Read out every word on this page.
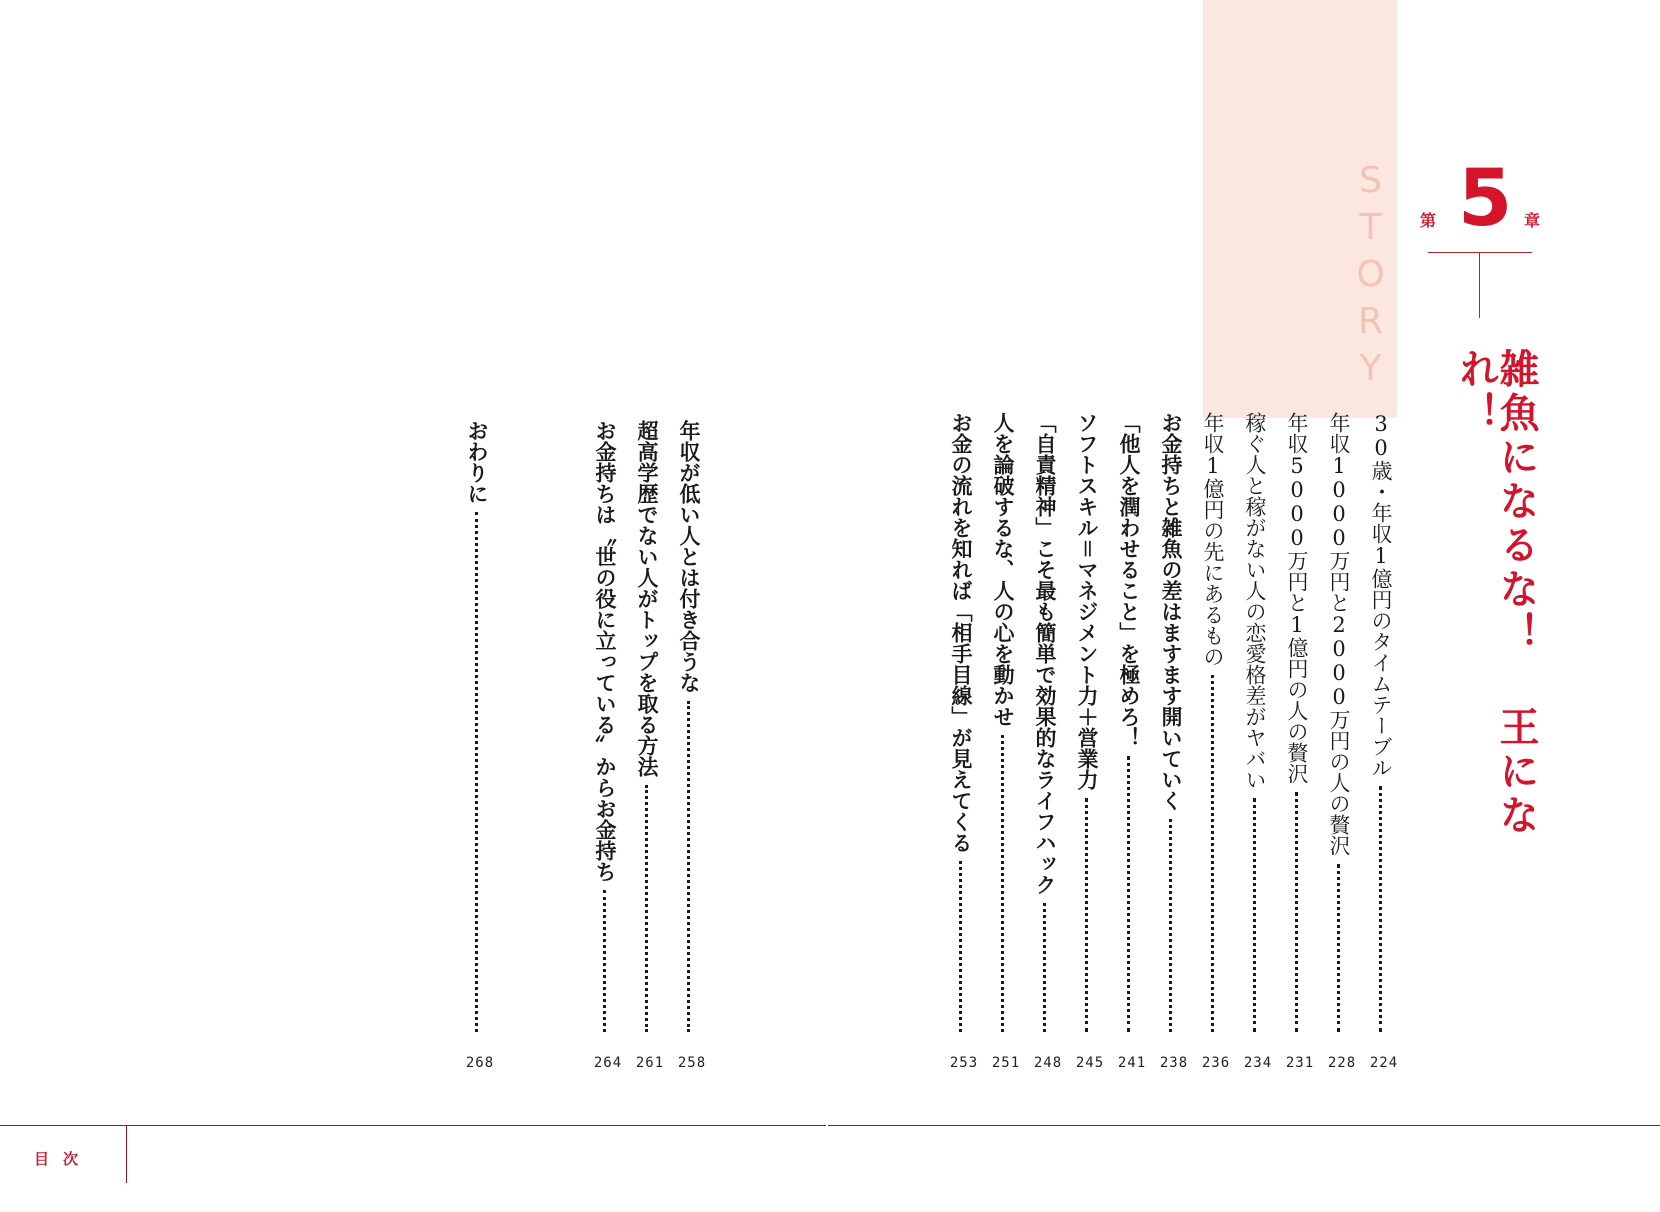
STORY 第 5 章
雑魚になるな！ 王になれ！
30歳・年収1億円のタイムテーブル
224
年収1000万円と2000万円の人の贅沢
228
年収5000万円と1億円の人の贅沢
231
稼ぐ人と稼がない人の恋愛格差がヤバい
234
年収1億円の先にあるもの
236
お金持ちと雑魚の差はますます開いていく
238
「他人を潤わせること」を極めろ！
241
ソフトスキル＝マネジメント力＋営業力
245
「自責精神」こそ最も簡単で効果的なライフハック
248
人を論破するな、人の心を動かせ
251
お金の流れを知れば「相手目線」が見えてくる
253
年収が低い人とは付き合うな
258
超高学歴でない人がトップを取る方法
261
お金持ちは〝世の役に立っている〟からお金持ち
264
おわりに
268
目次
